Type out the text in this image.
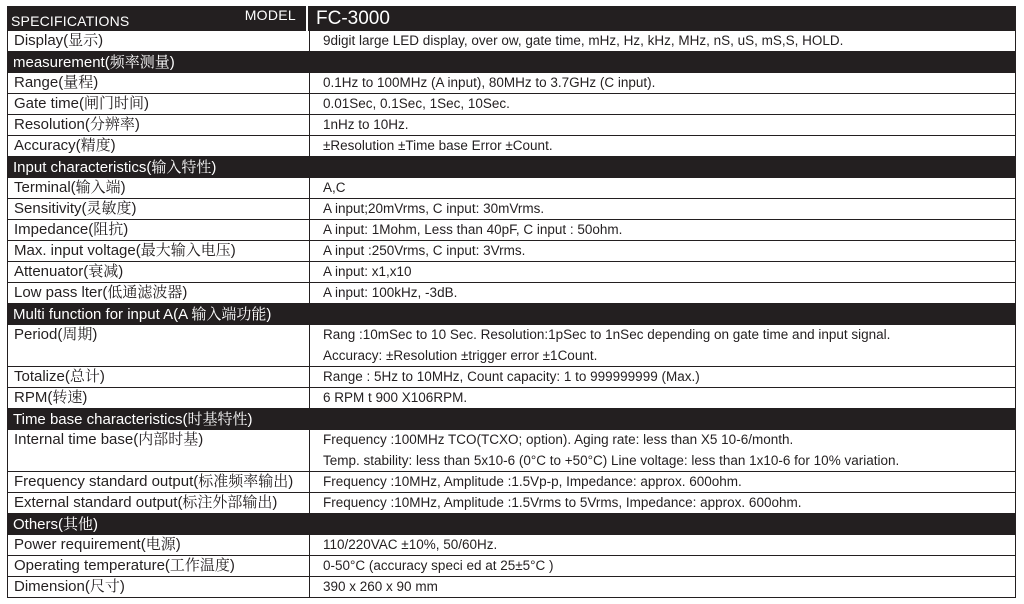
SPECIFICATIONS	MODEL	FC-3000
Display(显示)	9digit large LED display, over ow, gate time, mHz, Hz, kHz, MHz, nS, uS, mS,S, HOLD.
measurement(频率测量)
Range(量程)	0.1Hz to 100MHz (A input), 80MHz to 3.7GHz (C input).
Gate time(闸门时间)	0.01Sec, 0.1Sec, 1Sec, 10Sec.
Resolution(分辨率)	1nHz to 10Hz.
Accuracy(精度)	±Resolution ±Time base Error ±Count.
Input characteristics(输入特性)
Terminal(输入端)	A,C
Sensitivity(灵敏度)	A input;20mVrms, C input: 30mVrms.
Impedance(阻抗)	A input: 1Mohm, Less than 40pF, C input : 50ohm.
Max. input voltage(最大输入电压)	A input :250Vrms, C input: 3Vrms.
Attenuator(衰减)	A input: x1,x10
Low pass lter(低通滤波器)	A input: 100kHz, -3dB.
Multi function for input A(A 输入端功能)
Period(周期)	Rang :10mSec to 10 Sec. Resolution:1pSec to 1nSec depending on gate time and input signal.
Accuracy: ±Resolution ±trigger error ±1Count.
Totalize(总计)	Range : 5Hz to 10MHz, Count capacity: 1 to 999999999 (Max.)
RPM(转速)	6 RPM t 900 X106RPM.
Time base characteristics(时基特性)
Internal time base(内部时基)	Frequency :100MHz TCO(TCXO; option). Aging rate: less than X5 10-6/month.
Temp. stability: less than 5x10-6 (0°C to +50°C) Line voltage: less than 1x10-6 for 10% variation.
Frequency standard output(标准频率输出)	Frequency :10MHz, Amplitude :1.5Vp-p, Impedance: approx. 600ohm.
External standard output(标注外部输出)	Frequency :10MHz, Amplitude :1.5Vrms to 5Vrms, Impedance: approx. 600ohm.
Others(其他)
Power requirement(电源)	110/220VAC ±10%, 50/60Hz.
Operating temperature(工作温度)	0-50°C (accuracy speci ed at 25±5°C )
Dimension(尺寸)	390 x 260 x 90 mm
